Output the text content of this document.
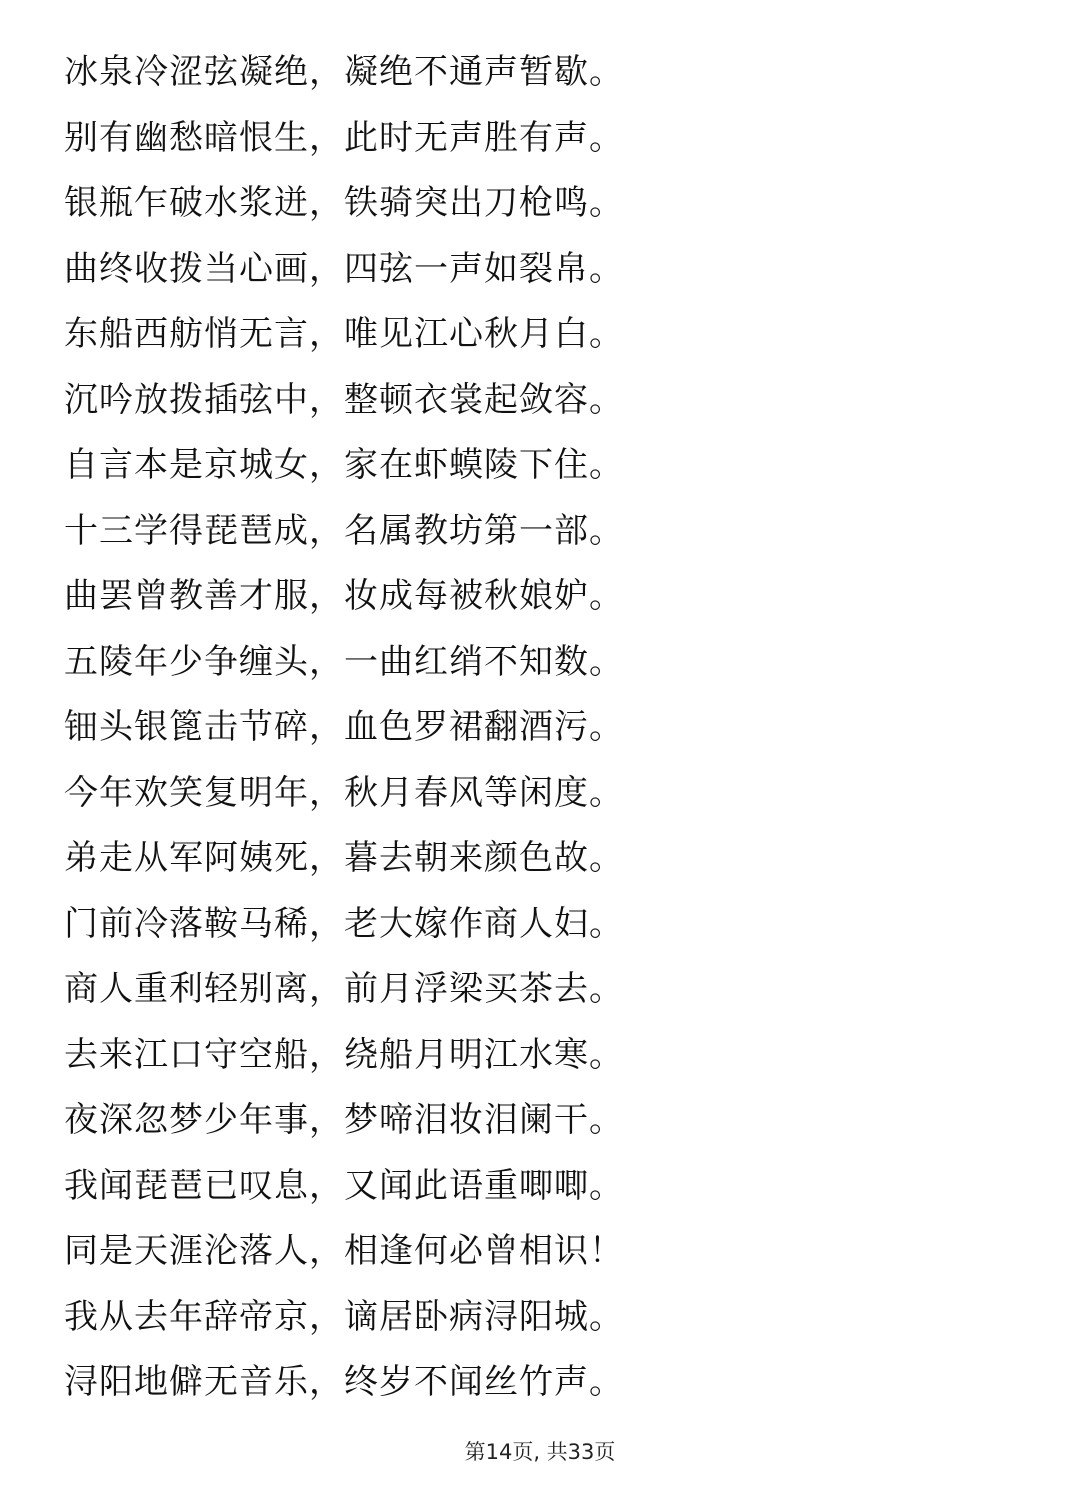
冰泉冷涩弦凝绝，凝绝不通声暂歇。
别有幽愁暗恨生，此时无声胜有声。
银瓶乍破水浆迸，铁骑突出刀枪鸣。
曲终收拨当心画，四弦一声如裂帛。
东船西舫悄无言，唯见江心秋月白。
沉吟放拨插弦中，整顿衣裳起敛容。
自言本是京城女，家在虾蟆陵下住。
十三学得琵琶成，名属教坊第一部。
曲罢曾教善才服，妆成每被秋娘妒。
五陵年少争缠头，一曲红绡不知数。
钿头银篦击节碎，血色罗裙翻酒污。
今年欢笑复明年，秋月春风等闲度。
弟走从军阿姨死，暮去朝来颜色故。
门前冷落鞍马稀，老大嫁作商人妇。
商人重利轻别离，前月浮梁买茶去。
去来江口守空船，绕船月明江水寒。
夜深忽梦少年事，梦啼泪妆泪阑干。
我闻琵琶已叹息，又闻此语重唧唧。
同是天涯沦落人，相逢何必曾相识！
我从去年辞帝京，谪居卧病浔阳城。
浔阳地僻无音乐，终岁不闻丝竹声。
第14页, 共33页
